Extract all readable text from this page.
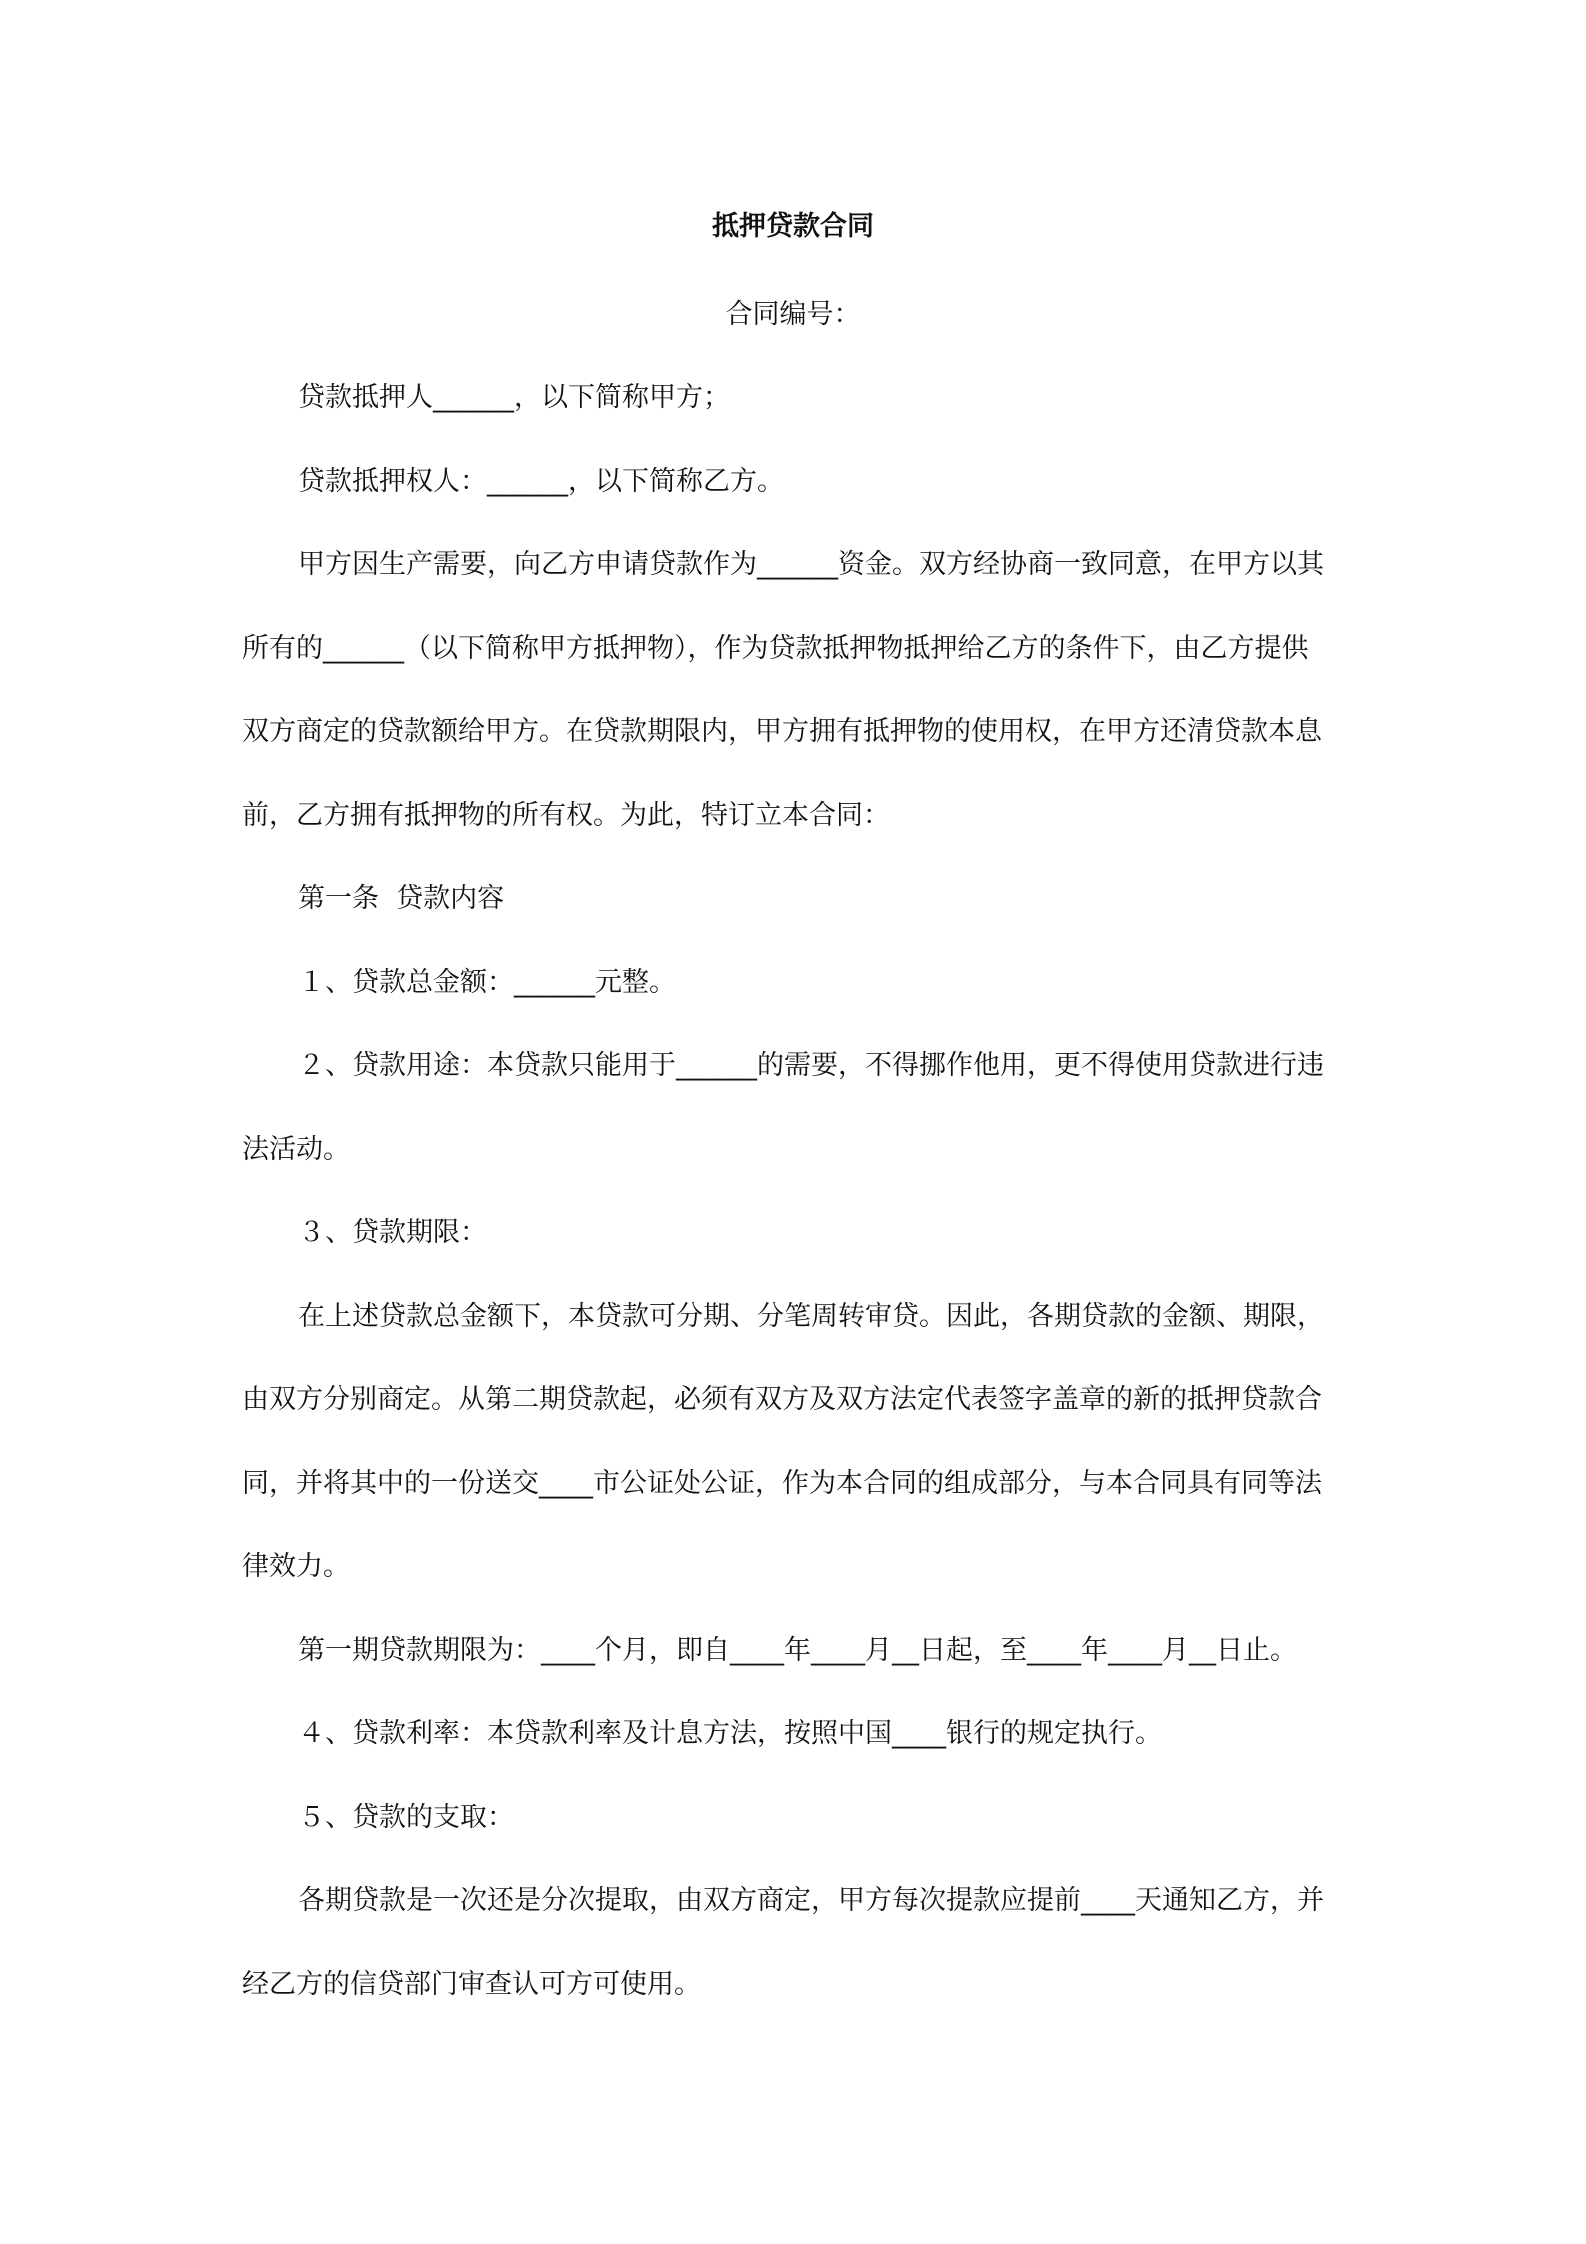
抵押贷款合同

合同编号：

贷款抵押人______，以下简称甲方；

贷款抵押权人：______，以下简称乙方。

甲方因生产需要，向乙方申请贷款作为______资金。双方经协商一致同意，在甲方以其

所有的______（以下简称甲方抵押物），作为贷款抵押物抵押给乙方的条件下，由乙方提供

双方商定的贷款额给甲方。在贷款期限内，甲方拥有抵押物的使用权，在甲方还清贷款本息

前，乙方拥有抵押物的所有权。为此，特订立本合同：

第一条  贷款内容

１、贷款总金额：______元整。

２、贷款用途：本贷款只能用于______的需要，不得挪作他用，更不得使用贷款进行违

法活动。

３、贷款期限：

在上述贷款总金额下，本贷款可分期、分笔周转审贷。因此，各期贷款的金额、期限，

由双方分别商定。从第二期贷款起，必须有双方及双方法定代表签字盖章的新的抵押贷款合

同，并将其中的一份送交____市公证处公证，作为本合同的组成部分，与本合同具有同等法

律效力。

第一期贷款期限为：____个月，即自____年____月__日起，至____年____月__日止。

４、贷款利率：本贷款利率及计息方法，按照中国____银行的规定执行。

５、贷款的支取：

各期贷款是一次还是分次提取，由双方商定，甲方每次提款应提前____天通知乙方，并

经乙方的信贷部门审查认可方可使用。
